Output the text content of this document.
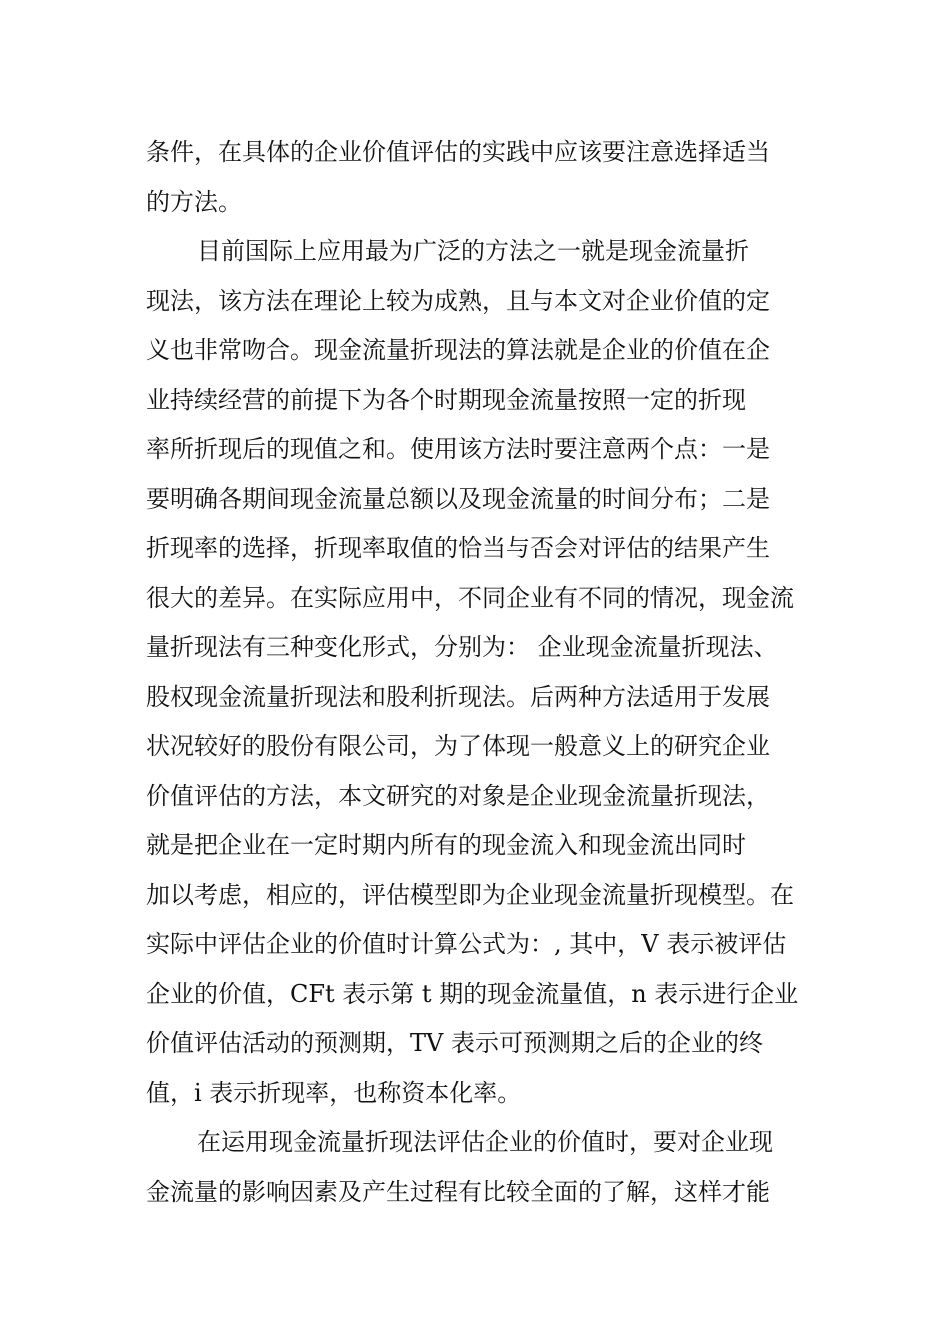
条件，在具体的企业价值评估的实践中应该要注意选择适当
的方法。
目前国际上应用最为广泛的方法之一就是现金流量折
现法，该方法在理论上较为成熟，且与本文对企业价值的定
义也非常吻合。现金流量折现法的算法就是企业的价值在企
业持续经营的前提下为各个时期现金流量按照一定的折现
率所折现后的现值之和。使用该方法时要注意两个点：一是
要明确各期间现金流量总额以及现金流量的时间分布；二是
折现率的选择，折现率取值的恰当与否会对评估的结果产生
很大的差异。在实际应用中，不同企业有不同的情况，现金流
量折现法有三种变化形式，分别为： 企业现金流量折现法、
股权现金流量折现法和股利折现法。后两种方法适用于发展
状况较好的股份有限公司，为了体现一般意义上的研究企业
价值评估的方法，本文研究的对象是企业现金流量折现法，
就是把企业在一定时期内所有的现金流入和现金流出同时
加以考虑，相应的，评估模型即为企业现金流量折现模型。在
实际中评估企业的价值时计算公式为：, 其中，V 表示被评估
企业的价值，CFt 表示第 t 期的现金流量值，n 表示进行企业
价值评估活动的预测期，TV 表示可预测期之后的企业的终
值，i 表示折现率，也称资本化率。
在运用现金流量折现法评估企业的价值时，要对企业现
金流量的影响因素及产生过程有比较全面的了解，这样才能
